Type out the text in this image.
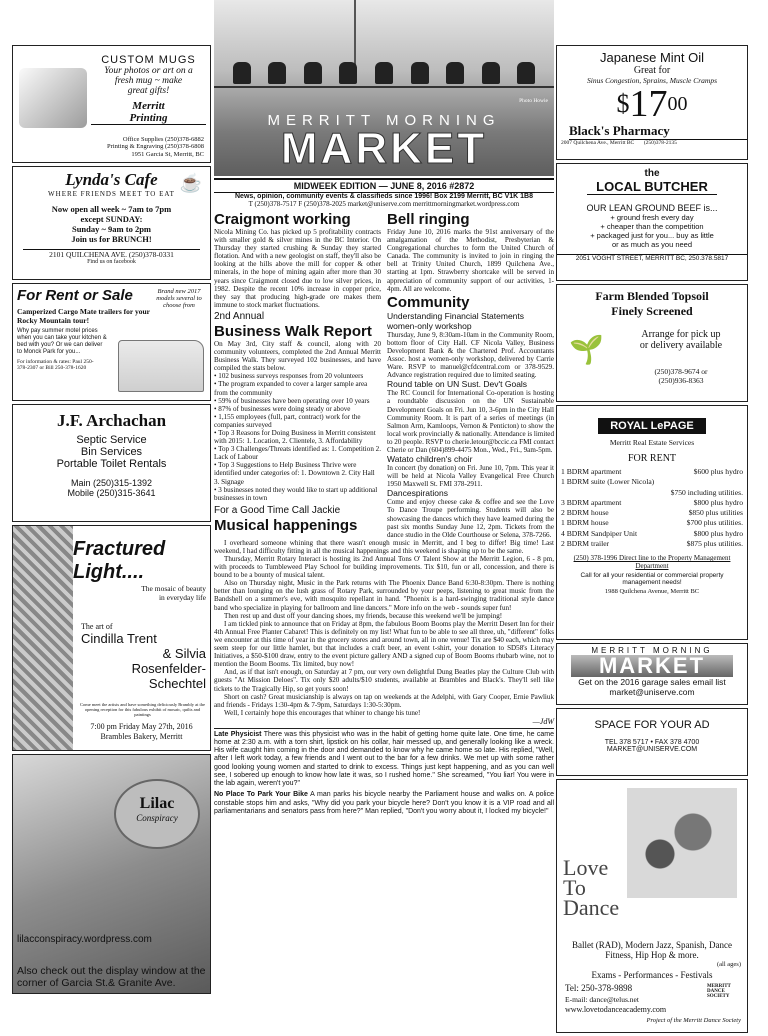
CUSTOM MUGS
Your photos or art on a
fresh mug ~ make
great gifts!
Merritt
Printing
Office Supplies (250)378-6882
Printing & Engraving (250)378-6808
1951 Garcia St, Merritt, BC
Lynda's Cafe	☕
WHERE FRIENDS MEET TO EAT
Now open all week ~ 7am to 7pm
except SUNDAY:
Sunday ~ 9am to 2pm
Join us for BRUNCH!
2101 QUILCHENA AVE. (250)378-0331
Find us on facebook
For Rent or Sale	Brand new 2017 models several to choose from
Camperized Cargo Mate trailers for your Rocky Mountain tour!
Why pay summer motel prices when you can take your kitchen & bed with you? Or we can deliver to Monck Park for you...
For information & rates: Paul 250-378-2307 or Bill 250-378-1620
J.F. Archachan
Septic Service
Bin Services
Portable Toilet Rentals
Main (250)315-1392
Mobile (250)315-3641
Fractured
Light....
The mosaic of beauty
in everyday life
The art of
Cindilla Trent
& Silvia
Rosenfelder-
Schechtel
Come meet the artists and have something deliciously Brambly at the opening reception for this fabulous exhibit of mosaic, quilts and paintings
7:00 pm Friday May 27th, 2016
Brambles Bakery, Merritt
Lilac
Conspiracy
lilacconspiracy.wordpress.com
Also check out the display window at the corner of Garcia St.& Granite Ave.
Photo Howie
MERRITT MORNING
MARKET
MIDWEEK EDITION — JUNE 8, 2016 #2872
News, opinion, community events & classifieds since 1996! Box 2199 Merritt, BC V1K 1B8
T (250)378-7517 F (250)378-2025 market@uniserve.com merrittmorningmarket.wordpress.com
Craigmont working

Nicola Mining Co. has picked up 5 profitability contracts with smaller gold & silver mines in the BC Interior. On Thursday they started crushing & Sunday they started flotation. And with a new geologist on staff, they'll also be looking at the hills above the mill for copper & other minerals, in the hope of mining again after more than 30 years since Craigmont closed due to low silver prices, in 1982. Despite the recent 10% increase in copper price, they say that producing high-grade ore makes them immune to stock market fluctuations.

2nd Annual
Business Walk Report

On May 3rd, City staff & council, along with 20 community volunteers, completed the 2nd Annual Merritt Business Walk. They surveyed 102 businesses, and have compiled the stats below.

• 102 business surveys responses from 20 volunteers
• The program expanded to cover a larger sample area from the community
• 59% of businesses have been operating over 10 years
• 87% of businesses were doing steady or above
• 1,155 employees (full, part, contract) work for the companies surveyed
• Top 3 Reasons for Doing Business in Merritt consistent with 2015: 1. Location, 2. Clientele, 3. Affordability
• Top 3 Challenges/Threats identified as: 1. Competition 2. Lack of Labour
• Top 3 Suggestions to Help Business Thrive were identified under categories of: 1. Downtown 2. City Hall 3. Signage
• 3 businesses noted they would like to start up additional businesses in town
For a Good Time Call Jackie
Musical happenings
Bell ringing

Friday June 10, 2016 marks the 91st anniversary of the amalgamation of the Methodist, Presbyterian & Congregational churches to form the United Church of Canada. The community is invited to join in ringing the bell at Trinity United Church, 1899 Quilchena Ave., starting at 1pm. Strawberry shortcake will be served in appreciation of community support of our activities, 1-4pm. All are welcome.

Community
Understanding Financial Statements women-only workshop

Thursday, June 9, 8:30am-10am in the Community Room, bottom floor of City Hall. CF Nicola Valley, Business Development Bank & the Chartered Prof. Accountants Assoc. host a women-only workshop, delivered by Carrie Ware. RSVP to manuel@cfdcentral.com or 378-9529. Advance registration required due to limited seating.

Round table on UN Sust. Dev't Goals

The RC Council for International Co-operation is hosting a roundtable discussion on the UN Sustainable Development Goals on Fri. Jun 10, 3-6pm in the City Hall Community Room. It is part of a series of meetings (in Salmon Arm, Kamloops, Vernon & Penticton) to show the local work provincially & nationally. Attendance is limited to 20 people. RSVP to cherie.letour@bccic.ca FMI contact Cherie or Dan (604)899-4475 Mon., Wed., Fri., 9am-5pm.

Watato children's choir

In concert (by donation) on Fri. June 10, 7pm. This year it will be held at Nicola Valley Evangelical Free Church 1950 Maxwell St. FMI 378-2911.

Dancespirations

Come and enjoy cheese cake & coffee and see the Love To Dance Troupe performing. Students will also be showcasing the dances which they have learned during the past six months Sunday June 12, 2pm. Tickets from the dance studio in the Olde Courthouse or Selena, 378-7266.

I overheard someone whining that there wasn't enough music in Merritt, and I beg to differ! Big time! Last weekend, I had difficulty fitting in all the musical happenings and this weekend is shaping up to be the same.

Thursday, Merritt Rotary Interact is hosting its 2nd Annual Tons O' Talent Show at the Merritt Legion, 6 - 8 pm, with proceeds to Tumbleweed Play School for building improvements. Tix $10, fun or all, concession, and there is bound to be a bounty of musical talent.

Also on Thursday night, Music in the Park returns with The Phoenix Dance Band 6:30-8:30pm. There is nothing better than lounging on the lush grass of Rotary Park, surrounded by your peeps, listening to great music from the Bandshell on a summer's eve, with mosquito repellant in hand. "Phoenix is a hard-swinging traditional style dance band who specialize in playing for ballroom and line dancers." More info on the web - sounds super fun!

Then rest up and dust off your dancing shoes, my friends, because this weekend we'll be jumping!

I am tickled pink to announce that on Friday at 8pm, the fabulous Boom Booms play the Merritt Desert Inn for their 4th Annual Free Planter Cabaret! This is definitely on my list! What fun to be able to see all three, uh, "different" folks we encounter at this time of year in the grocery stores and around town, all in one venue! Tix are $40 each, which may seem steep for our little hamlet, but that includes a craft beer, an event t-shirt, your donation to SD58's Literacy Initiatives, a $50-$100 draw, entry to the event picture gallery AND a signed cup of Boom Booms rhubarb wine, not to mention the Boom Booms. Tix limited, buy now!

And, as if that isn't enough, on Saturday at 7 pm, our very own delightful Dung Beatles play the Culture Club with guests "At Mission Deloes". Tix only $20 adults/$10 students, available at Brambles and Black's. They'll sell like tickets to the Tragically Hip, so get yours soon!

Short on cash? Great musicianship is always on tap on weekends at the Adelphi, with Gary Cooper, Ernie Pawliuk and friends - Fridays 1:30-4pm & 7-9pm, Saturdays 1:30-5:30pm.

Well, I certainly hope this encourages that whiner to change his tune!

—JdW
Late Physicist There was this physicist who was in the habit of getting home quite late. One time, he came home at 2:30 a.m. with a torn shirt, lipstick on his collar, hair messed up, and generally looking like a wreck. His wife caught him coming in the door and demanded to know why he came home so late. His replied, "Well, after I left work today, a few friends and I went out to the bar for a few drinks. We met up with some rather good looking young women and started to drink to excess. Things just kept happening, and as you can well see, I sobered up enough to know how late it was, so I rushed home." She screamed, "You liar! You were in the lab again, weren't you?"
No Place To Park Your Bike A man parks his bicycle nearby the Parliament house and walks on. A police constable stops him and asks, "Why did you park your bicycle here? Don't you know it is a VIP road and all parliamentarians and senators pass from here?" Man replied, "Don't you worry about it, I locked my bicycle!"
Japanese Mint Oil
Great for
Sinus Congestion, Sprains, Muscle Cramps
$^{\$}17^{00}$
Black's Pharmacy
2007 Quilchena Ave., Merritt BC       (250)378-2135
the
LOCAL BUTCHER
OUR LEAN GROUND BEEF is...
+ ground fresh every day
+ cheaper than the competition
+ packaged just for you... buy as little
or as much as you need
2051 VOGHT STREET, MERRITT BC, 250.378.5817
Farm Blended Topsoil
Finely Screened
🌱
Arrange for pick up
or delivery available
(250)378-9674 or
(250)936-8363
ROYAL LePAGE
Merritt Real Estate Services
FOR RENT
1 BDRM apartment	$600 plus hydro
1 BDRM suite (Lower Nicola)
$750 including utilities.
3 BDRM apartment	$800 plus hydro
2 BDRM house	$850 plus utilities
1 BDRM house	$700 plus utilities.
4 BDRM Sandpiper Unit	$800 plus hydro
2 BDRM trailer	$875 plus utilities.
(250) 378-1996 Direct line to the Property Management Department
Call for all your residential or commercial property management needs!
1988 Quilchena Avenue, Merritt BC
MERRITT MORNING
MARKET
Get on the 2016 garage sales email list
market@uniserve.com
SPACE FOR YOUR AD
TEL 378 5717 • FAX 378 4700
MARKET@UNISERVE.COM
Love
To
Dance
Ballet (RAD), Modern Jazz, Spanish, Dance Fitness, Hip Hop & more.
(all ages)
Exams - Performances - Festivals
Tel: 250-378-9898	MERRITT DANCE SOCIETY
E-mail: dance@telus.net
www.lovetodanceacademy.com
Project of the Merritt Dance Society
